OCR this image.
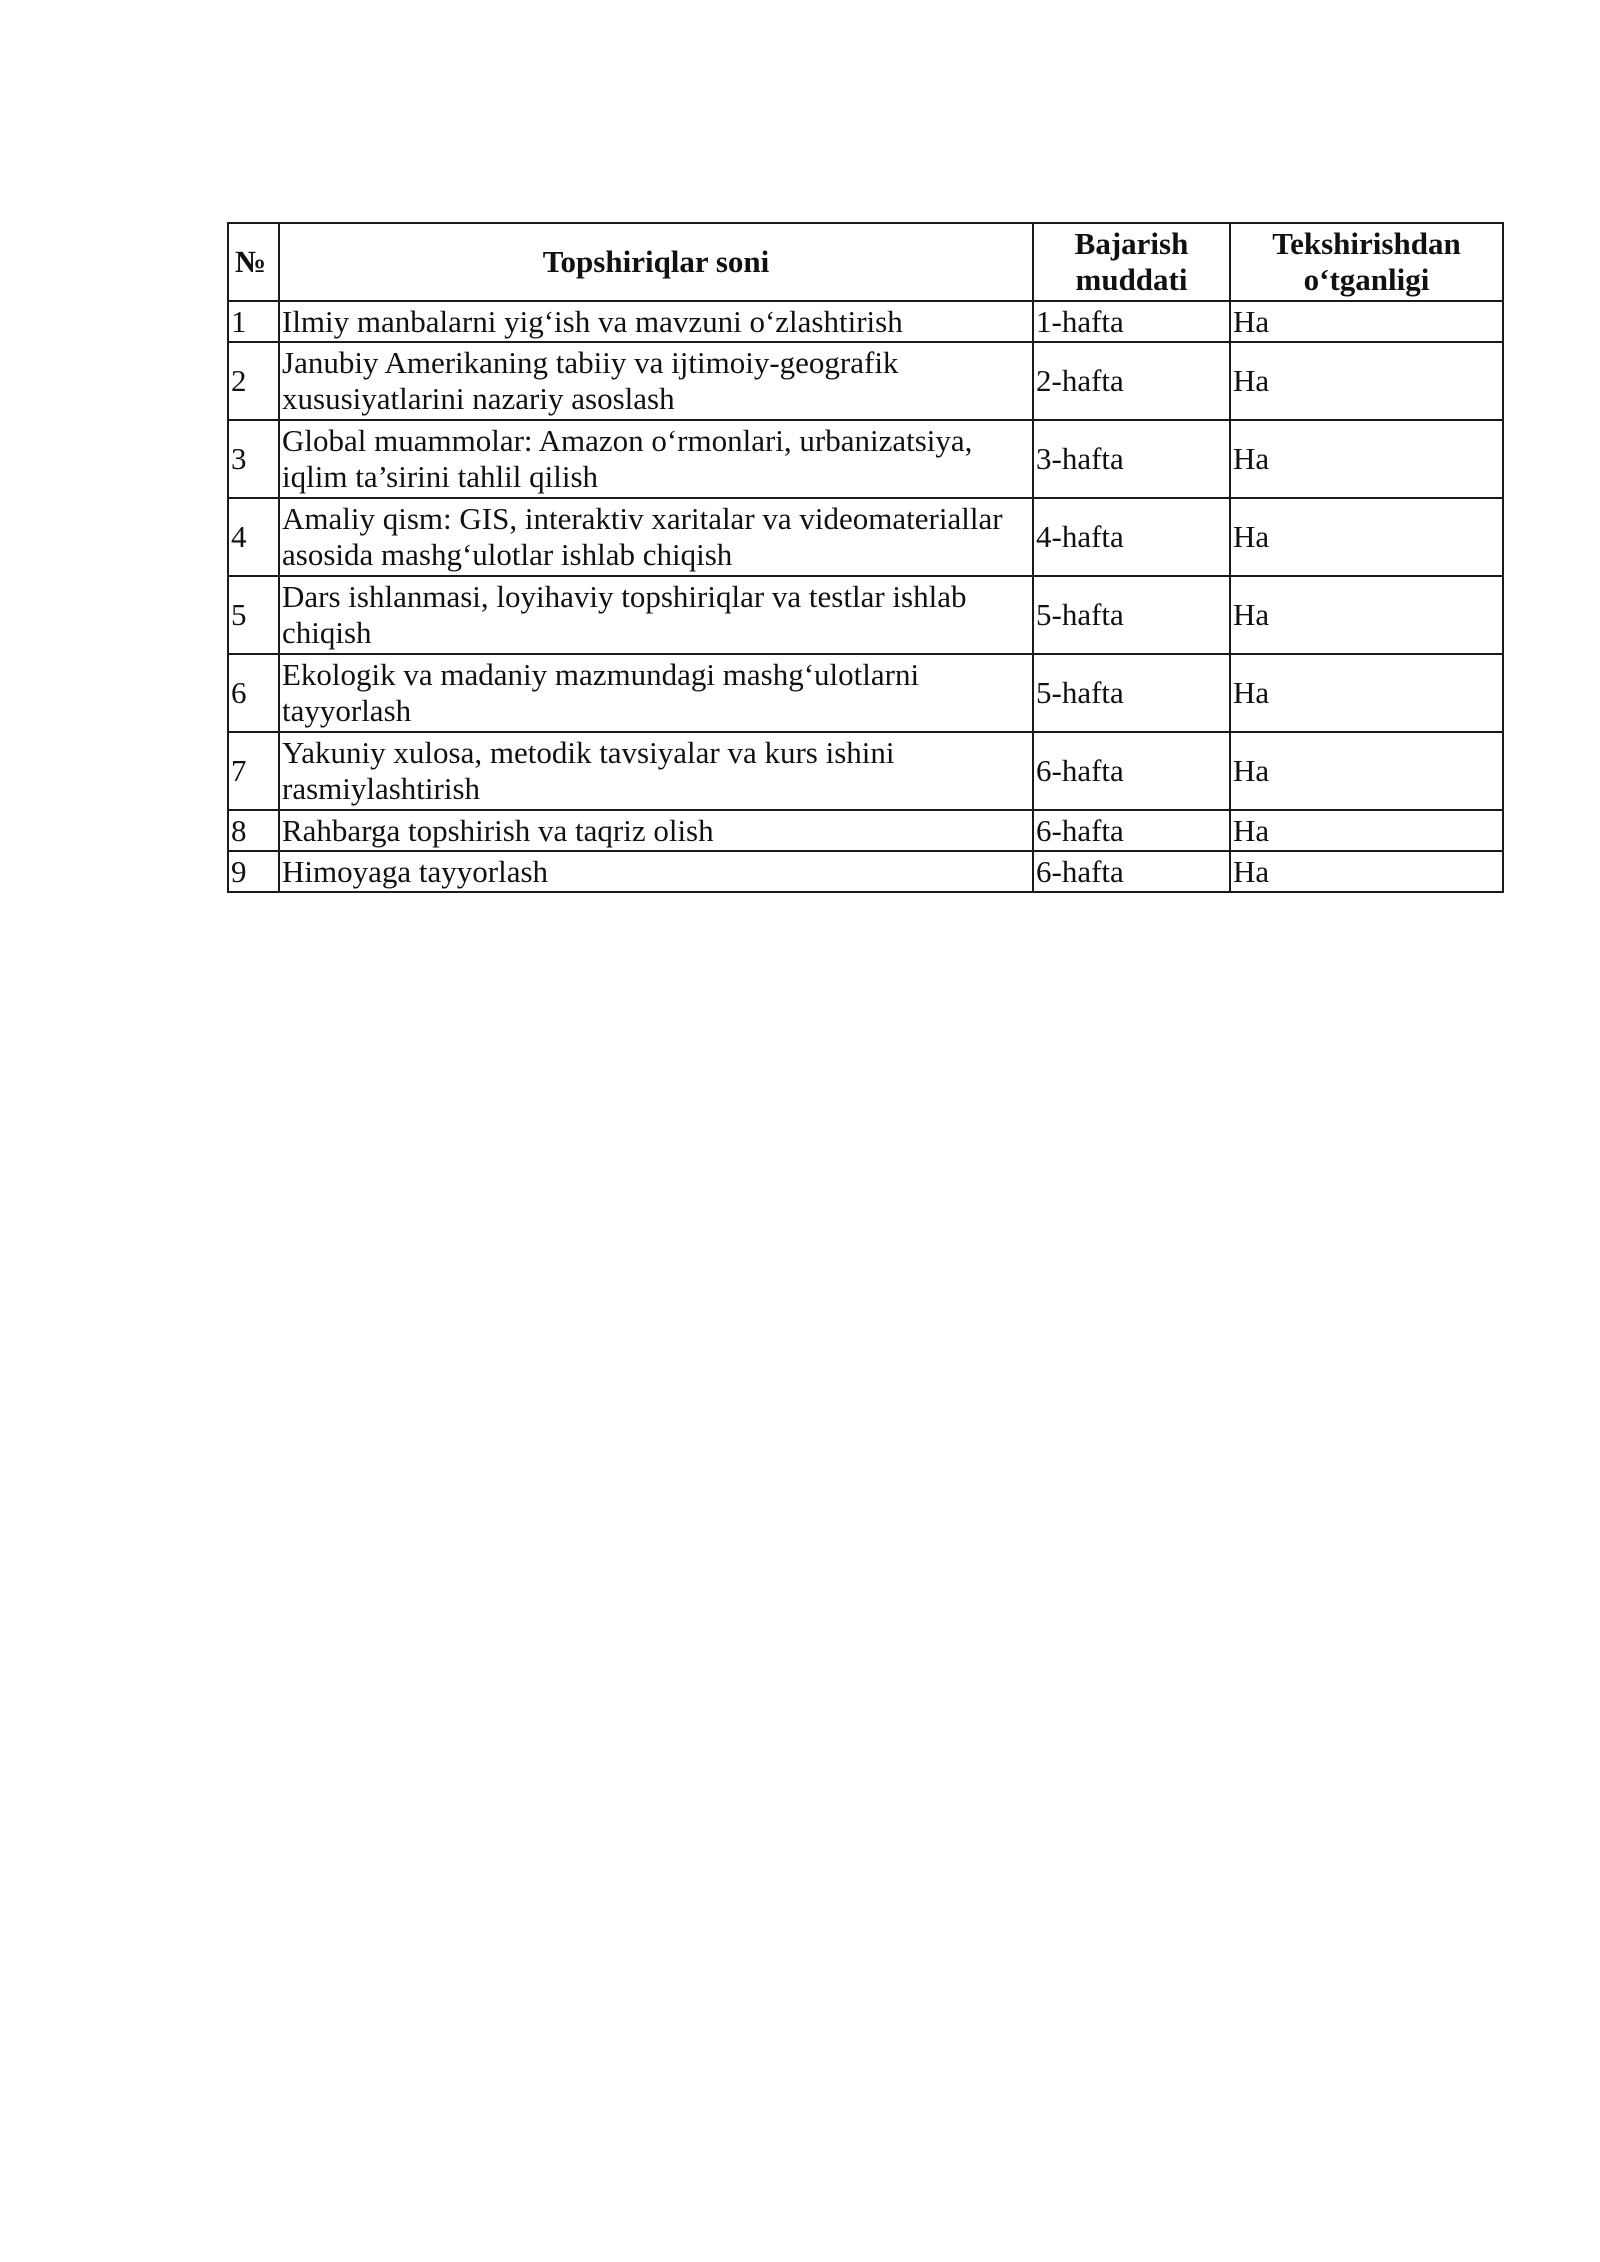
№	Topshiriqlar soni	Bajarish muddati	Tekshirishdan o‘tganligi
1	Ilmiy manbalarni yig‘ish va mavzuni o‘zlashtirish	1-hafta	Ha
2	Janubiy Amerikaning tabiiy va ijtimoiy-geografik xususiyatlarini nazariy asoslash	2-hafta	Ha
3	Global muammolar: Amazon o‘rmonlari, urbanizatsiya, iqlim ta’sirini tahlil qilish	3-hafta	Ha
4	Amaliy qism: GIS, interaktiv xaritalar va videomateriallar asosida mashg‘ulotlar ishlab chiqish	4-hafta	Ha
5	Dars ishlanmasi, loyihaviy topshiriqlar va testlar ishlab chiqish	5-hafta	Ha
6	Ekologik va madaniy mazmundagi mashg‘ulotlarni tayyorlash	5-hafta	Ha
7	Yakuniy xulosa, metodik tavsiyalar va kurs ishini rasmiylashtirish	6-hafta	Ha
8	Rahbarga topshirish va taqriz olish	6-hafta	Ha
9	Himoyaga tayyorlash	6-hafta	Ha
